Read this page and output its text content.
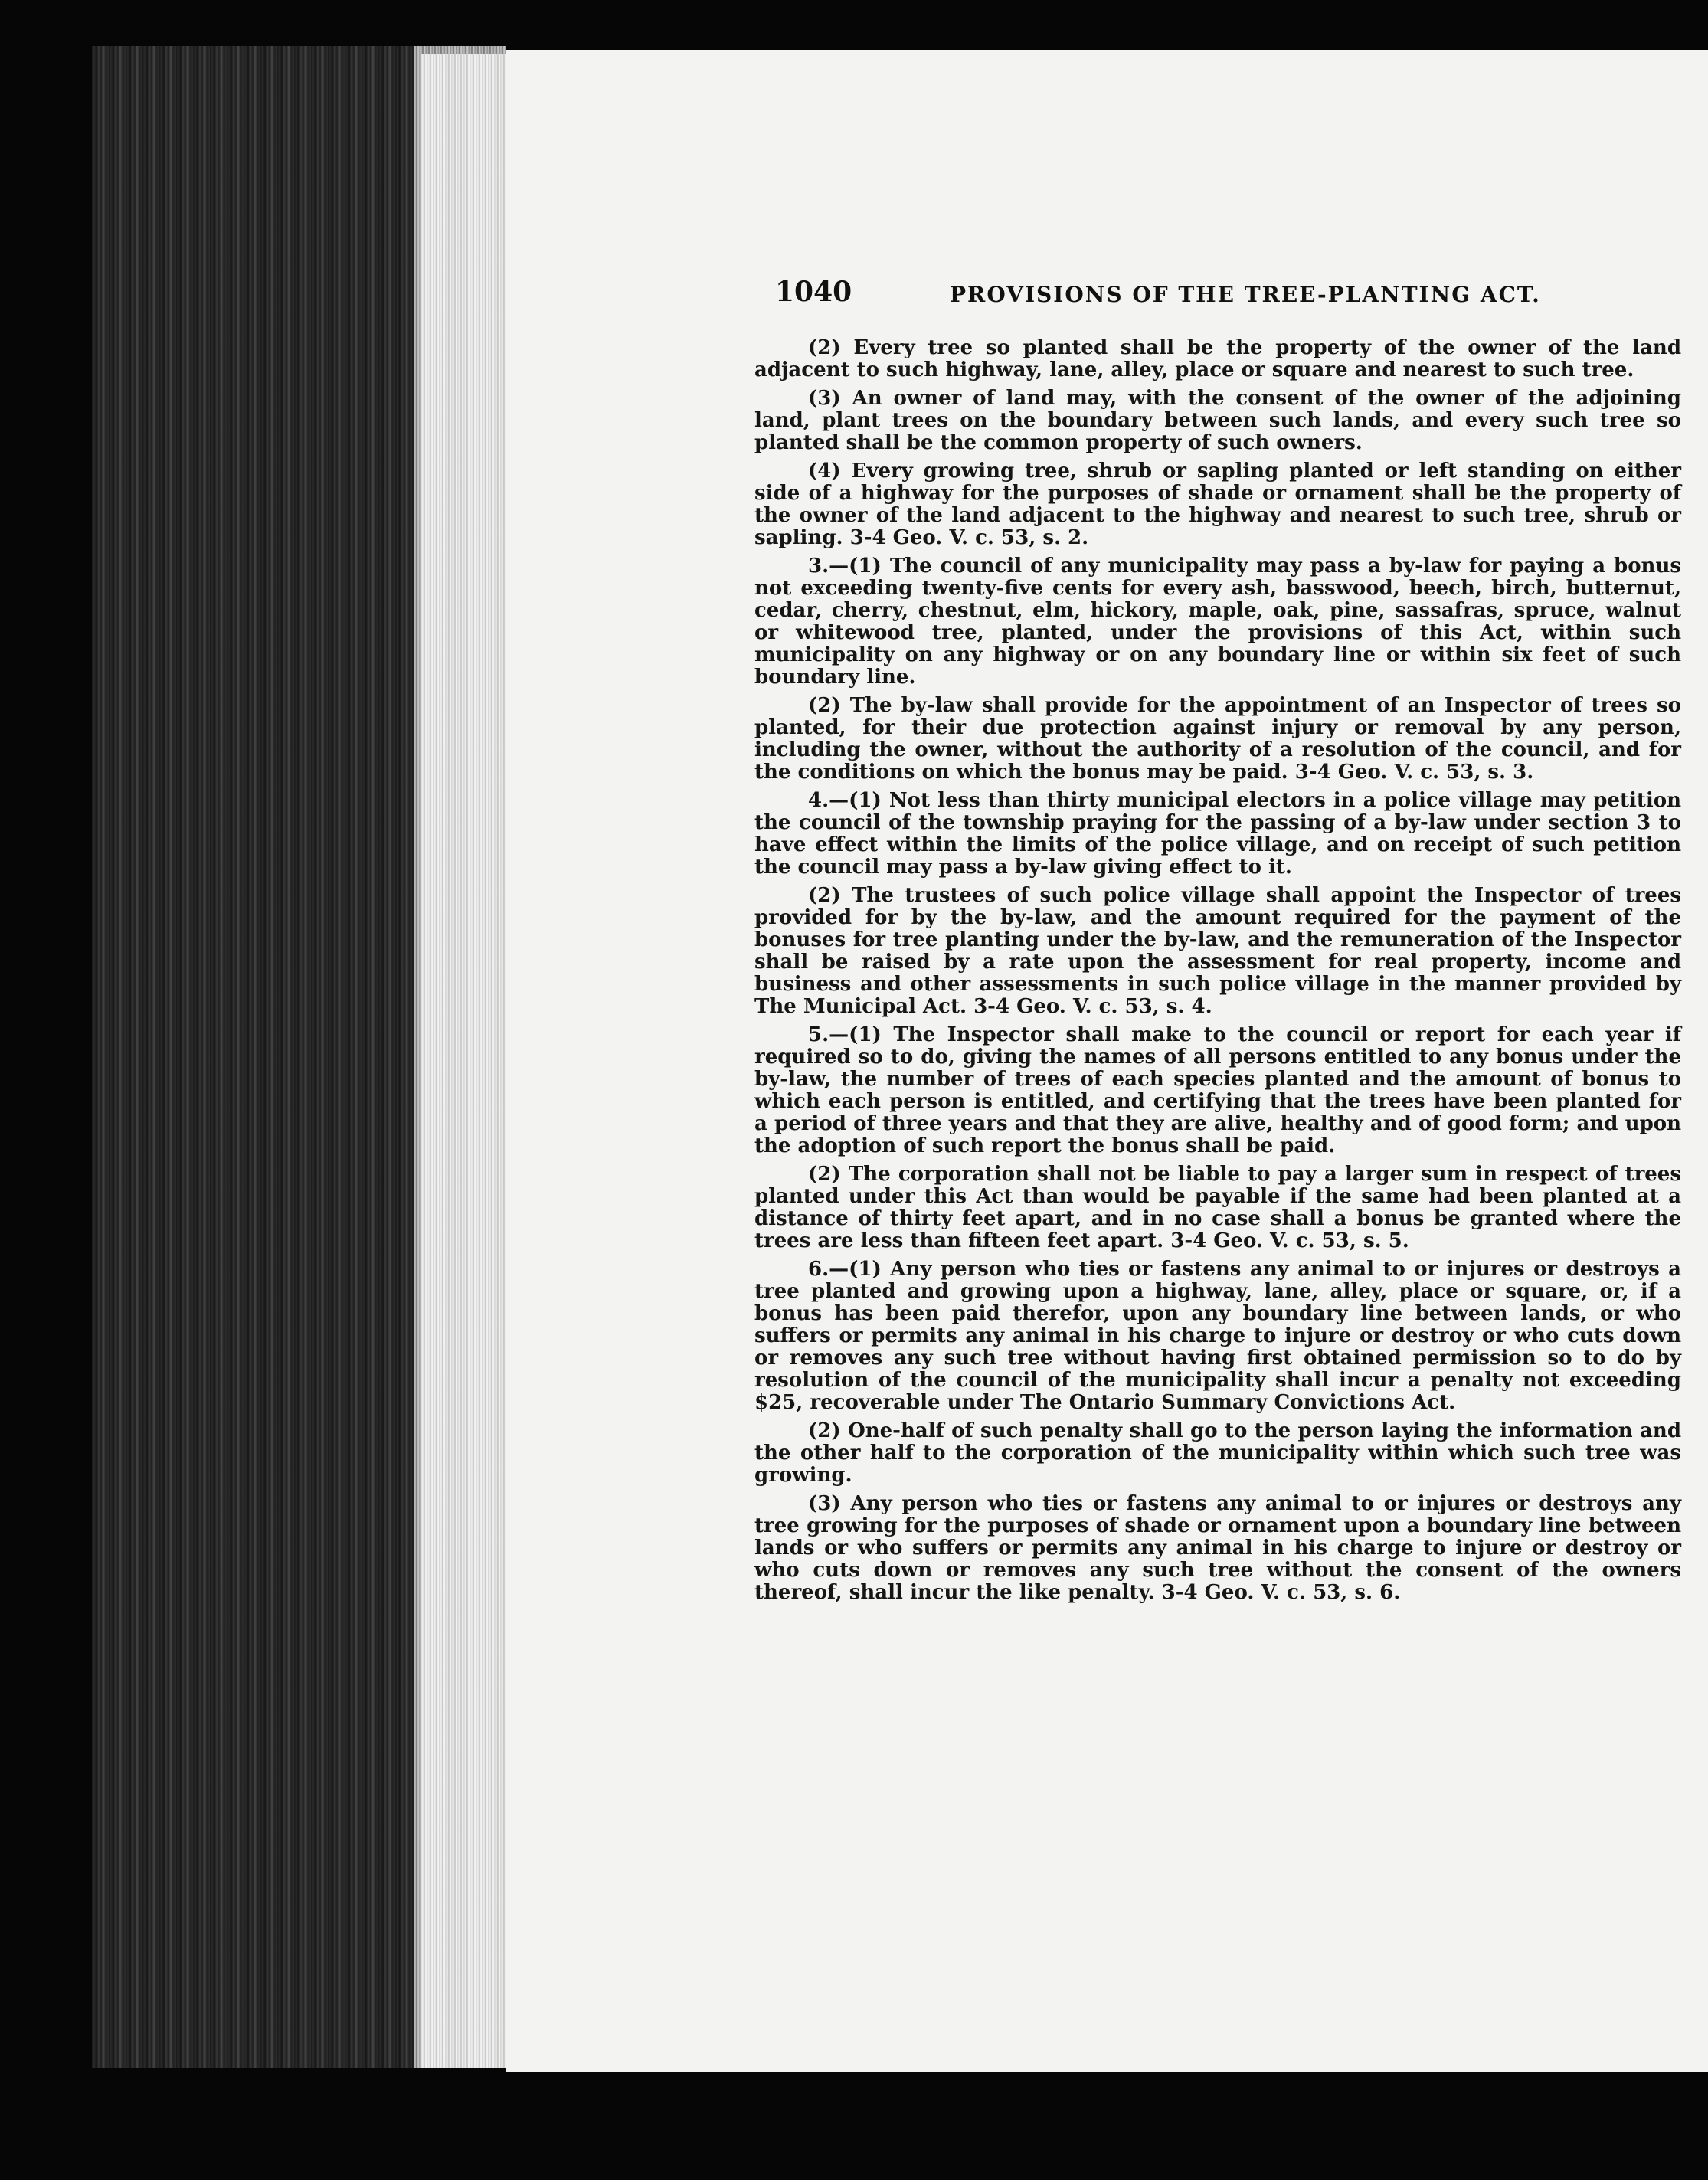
1040	PROVISIONS OF THE TREE-PLANTING ACT.

(2) Every tree so planted shall be the property of the owner of the land adjacent to such highway, lane, alley, place or square and nearest to such tree.

(3) An owner of land may, with the consent of the owner of the adjoining land, plant trees on the boundary between such lands, and every such tree so planted shall be the common property of such owners.

(4) Every growing tree, shrub or sapling planted or left standing on either side of a highway for the purposes of shade or ornament shall be the property of the owner of the land adjacent to the highway and nearest to such tree, shrub or sapling. 3-4 Geo. V. c. 53, s. 2.

3.—(1) The council of any municipality may pass a by-law for paying a bonus not exceeding twenty-five cents for every ash, basswood, beech, birch, butternut, cedar, cherry, chestnut, elm, hickory, maple, oak, pine, sassafras, spruce, walnut or whitewood tree, planted, under the provisions of this Act, within such municipality on any highway or on any boundary line or within six feet of such boundary line.

(2) The by-law shall provide for the appointment of an Inspector of trees so planted, for their due protection against injury or removal by any person, including the owner, without the authority of a resolution of the council, and for the conditions on which the bonus may be paid. 3-4 Geo. V. c. 53, s. 3.

4.—(1) Not less than thirty municipal electors in a police village may petition the council of the township praying for the passing of a by-law under section 3 to have effect within the limits of the police village, and on receipt of such petition the council may pass a by-law giving effect to it.

(2) The trustees of such police village shall appoint the Inspector of trees provided for by the by-law, and the amount required for the payment of the bonuses for tree planting under the by-law, and the remuneration of the Inspector shall be raised by a rate upon the assessment for real property, income and business and other assessments in such police village in the manner provided by The Municipal Act. 3-4 Geo. V. c. 53, s. 4.

5.—(1) The Inspector shall make to the council or report for each year if required so to do, giving the names of all persons entitled to any bonus under the by-law, the number of trees of each species planted and the amount of bonus to which each person is entitled, and certifying that the trees have been planted for a period of three years and that they are alive, healthy and of good form; and upon the adoption of such report the bonus shall be paid.

(2) The corporation shall not be liable to pay a larger sum in respect of trees planted under this Act than would be payable if the same had been planted at a distance of thirty feet apart, and in no case shall a bonus be granted where the trees are less than fifteen feet apart. 3-4 Geo. V. c. 53, s. 5.

6.—(1) Any person who ties or fastens any animal to or injures or destroys a tree planted and growing upon a highway, lane, alley, place or square, or, if a bonus has been paid therefor, upon any boundary line between lands, or who suffers or permits any animal in his charge to injure or destroy or who cuts down or removes any such tree without having first obtained permission so to do by resolution of the council of the municipality shall incur a penalty not exceeding $25, recoverable under The Ontario Summary Convictions Act.

(2) One-half of such penalty shall go to the person laying the information and the other half to the corporation of the municipality within which such tree was growing.

(3) Any person who ties or fastens any animal to or injures or destroys any tree growing for the purposes of shade or ornament upon a boundary line between lands or who suffers or permits any animal in his charge to injure or destroy or who cuts down or removes any such tree without the consent of the owners thereof, shall incur the like penalty. 3-4 Geo. V. c. 53, s. 6.
